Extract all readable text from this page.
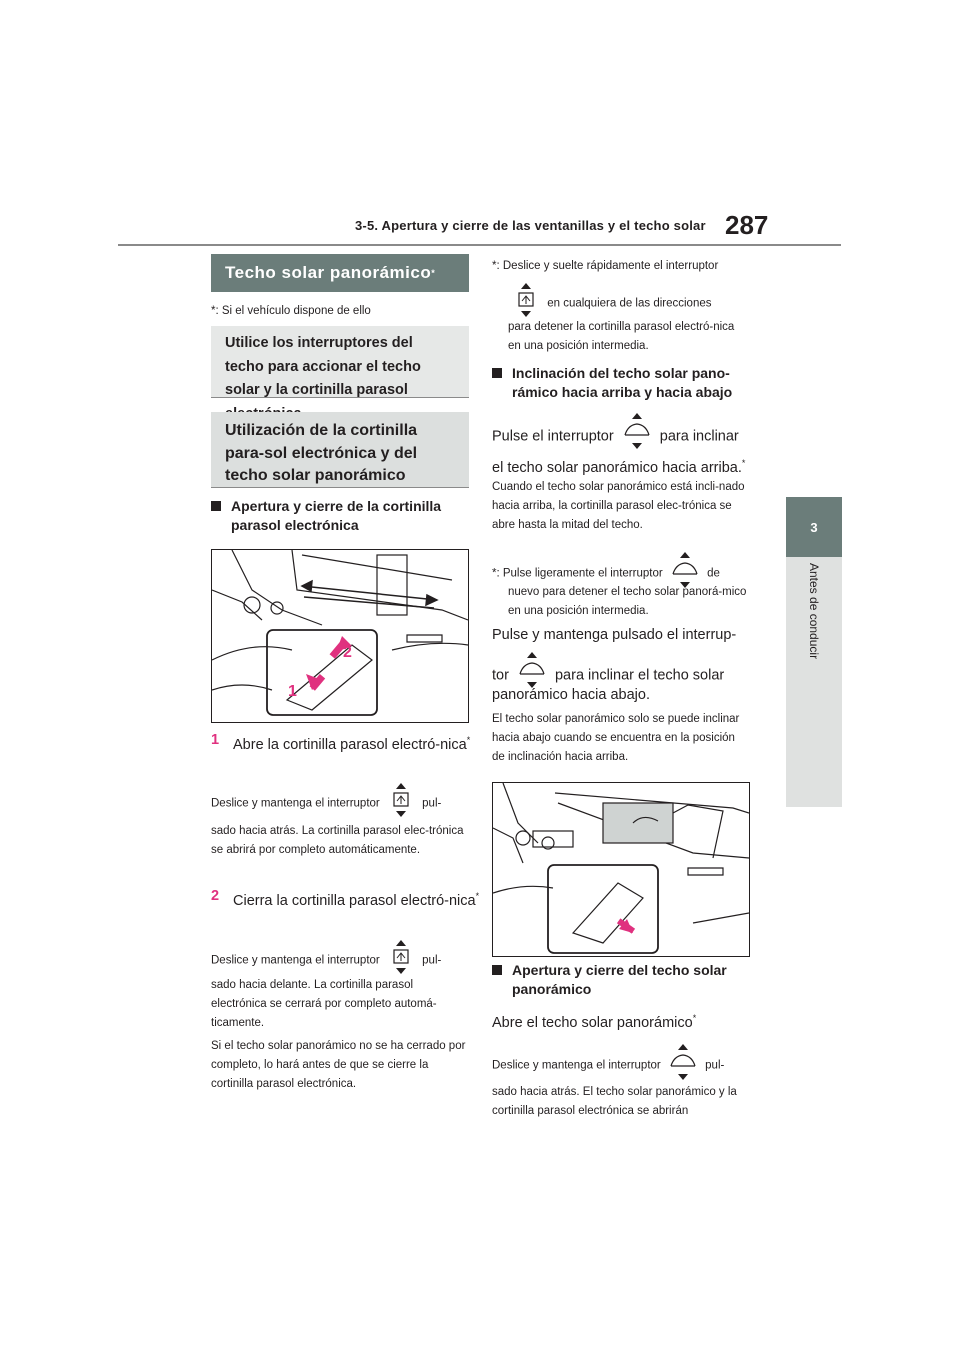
3-5. Apertura y cierre de las ventanillas y el techo solar 287
3
Antes de conducir
Techo solar panorámico *
*: Si el vehículo dispone de ello
Utilice los interruptores del techo para accionar el techo solar y la cortinilla parasol
Utilización de la cortinilla para-sol electrónica y del techo solar panorámico
Apertura y cierre de la cortinilla parasol electrónica
2
1
1 Abre la cortinilla parasol electró-nica*
Deslice y mantenga el interruptor	pul-
sado hacia atrás. La cortinilla parasol elec-trónica se abrirá por completo automáticamente.
2 Cierra la cortinilla parasol electró-nica*
Deslice y mantenga el interruptor	pul-
sado hacia delante. La cortinilla parasol electrónica se cerrará por completo automá-ticamente.
Si el techo solar panorámico no se ha cerrado por completo, lo hará antes de que se cierre la cortinilla parasol electrónica.
*: Deslice y suelte rápidamente el interruptor
en cualquiera de las direcciones
para detener la cortinilla parasol electró-nica en una posición intermedia.
Inclinación del techo solar pano-rámico hacia arriba y hacia abajo
Pulse el interruptor	para inclinar
el techo solar panorámico hacia arriba.*
Cuando el techo solar panorámico está incli-nado hacia arriba, la cortinilla parasol elec-trónica se abre hasta la mitad del techo.
*: Pulse ligeramente el interruptor	de
nuevo para detener el techo solar panorá-mico en una posición intermedia.
Pulse y mantenga pulsado el interrup-
tor	para inclinar el techo solar
panorámico hacia abajo.
El techo solar panorámico solo se puede inclinar hacia abajo cuando se encuentra en la posición de inclinación hacia arriba.
Apertura y cierre del techo solar panorámico
Abre el techo solar panorámico*
Deslice y mantenga el interruptor	pul-
sado hacia atrás. El techo solar panorámico y la cortinilla parasol electrónica se abrirán
